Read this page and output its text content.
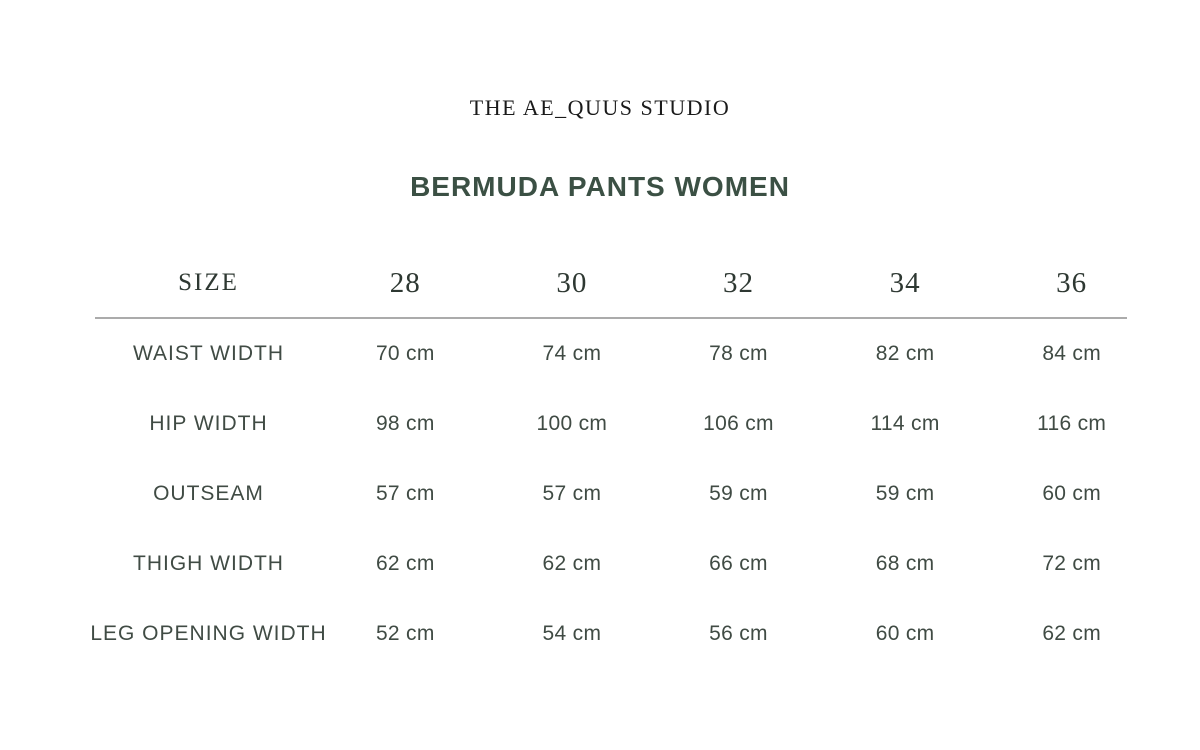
THE AE_QUUS STUDIO
BERMUDA PANTS WOMEN
SIZE	28	30	32	34	36
WAIST WIDTH	70 cm	74 cm	78 cm	82 cm	84 cm
HIP WIDTH	98 cm	100 cm	106 cm	114 cm	116 cm
OUTSEAM	57 cm	57 cm	59 cm	59 cm	60 cm
THIGH WIDTH	62 cm	62 cm	66 cm	68 cm	72 cm
LEG OPENING WIDTH 52 cm	54 cm	56 cm	60 cm	62 cm
